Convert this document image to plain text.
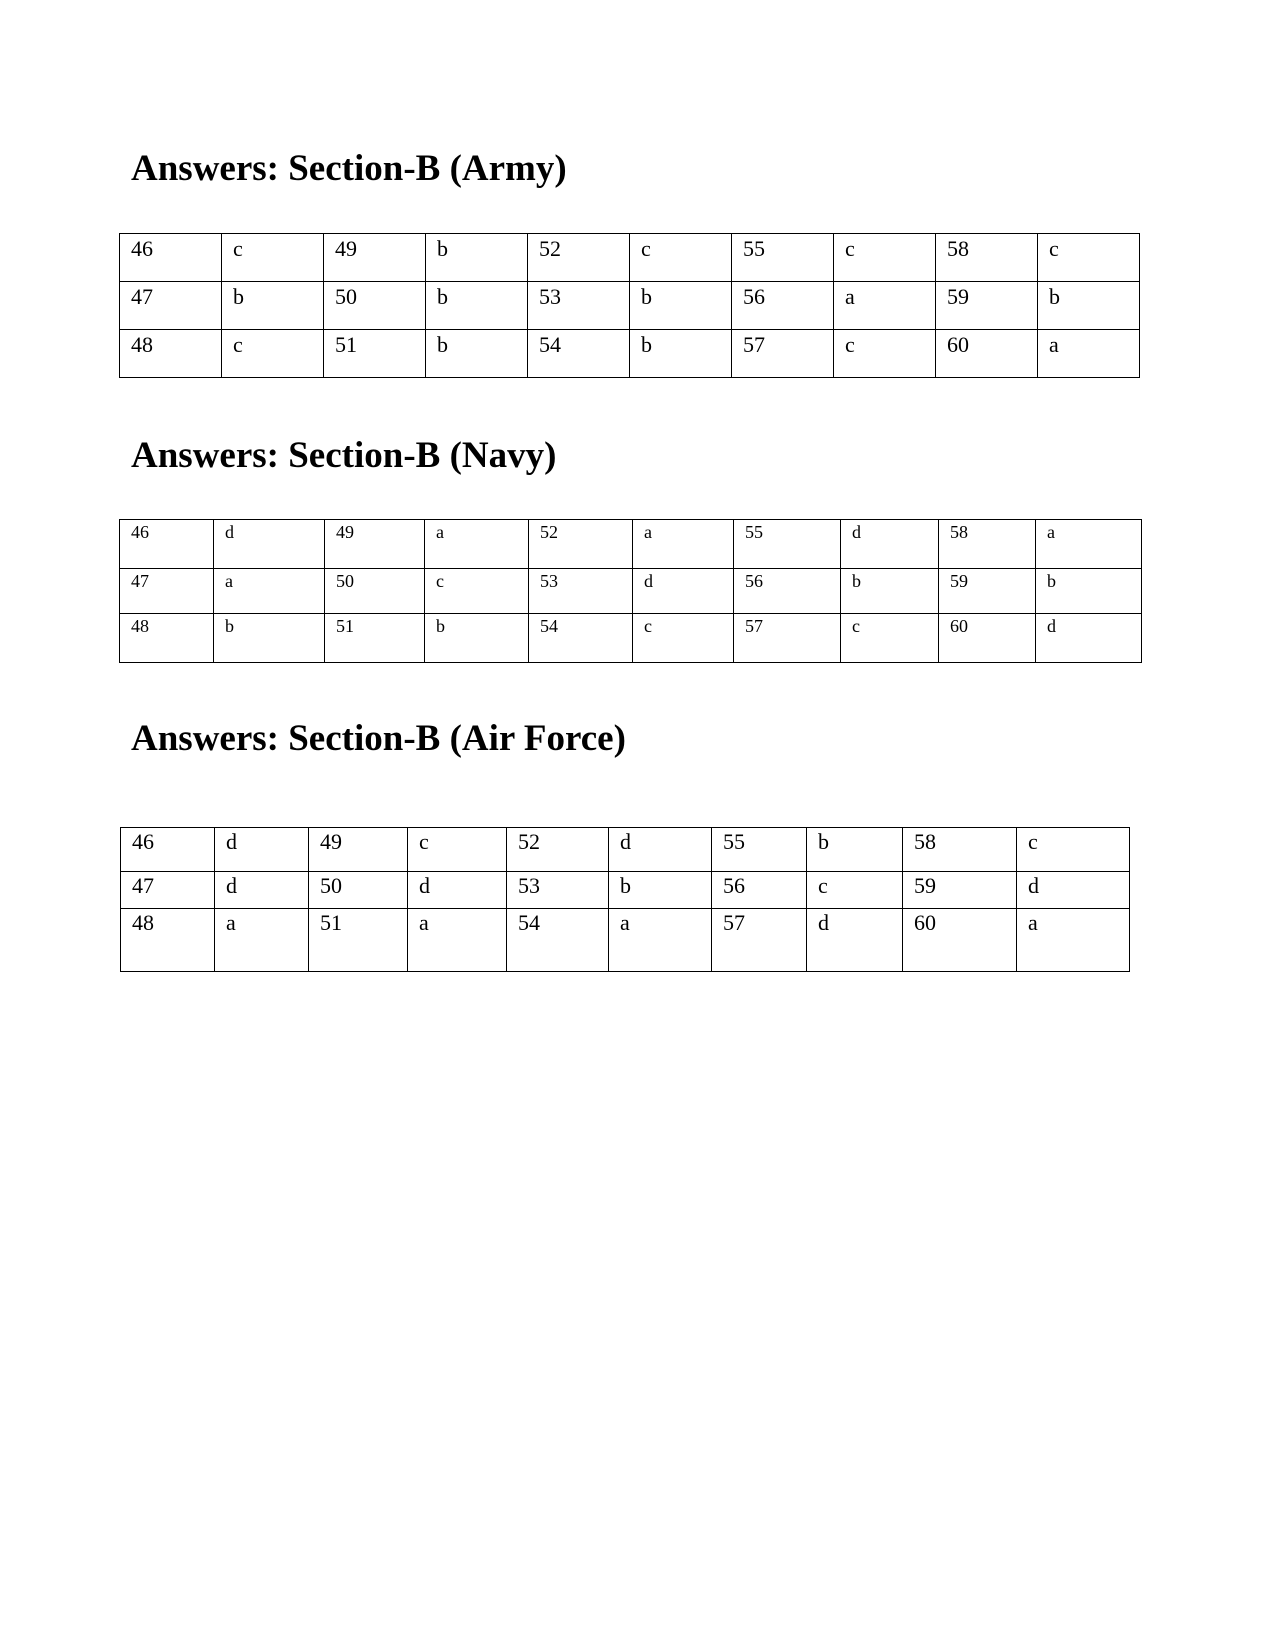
Answers: Section-B (Army)
46	c	49	b	52	c	55	c	58	c
47	b	50	b	53	b	56	a	59	b
48	c	51	b	54	b	57	c	60	a
Answers: Section-B (Navy)
46	d	49	a	52	a	55	d	58	a
47	a	50	c	53	d	56	b	59	b
48	b	51	b	54	c	57	c	60	d
Answers: Section-B (Air Force)
46	d	49	c	52	d	55	b	58	c
47	d	50	d	53	b	56	c	59	d
48	a	51	a	54	a	57	d	60	a
